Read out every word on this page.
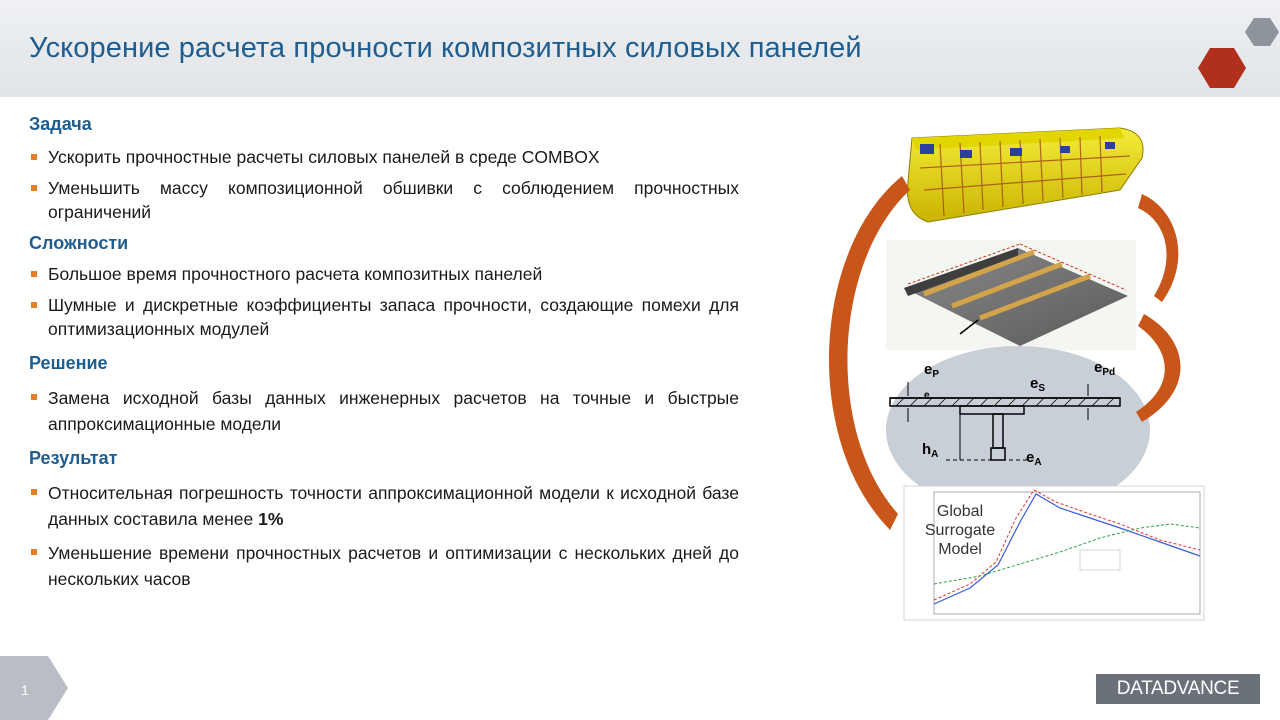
Ускорение расчета прочности композитных силовых панелей
Задача
Ускорить прочностные расчеты силовых панелей в среде COMBOX
Уменьшить массу композиционной обшивки с соблюдением прочностных ограничений
Сложности
Большое время прочностного расчета композитных панелей
Шумные и дискретные коэффициенты запаса прочности, создающие помехи для оптимизационных модулей
Решение
Замена исходной базы данных инженерных расчетов на точные и быстрые аппроксимационные модели
Результат
Относительная погрешность точности аппроксимационной модели к исходной базе данных составила менее 1%
Уменьшение времени прочностных расчетов и оптимизации с нескольких дней до нескольких часов
$e_P$
$e_S$
$e_{Pd}$
e
$h_A$	$e_A$
Global
Surrogate
Model
1	DATADVANCE
